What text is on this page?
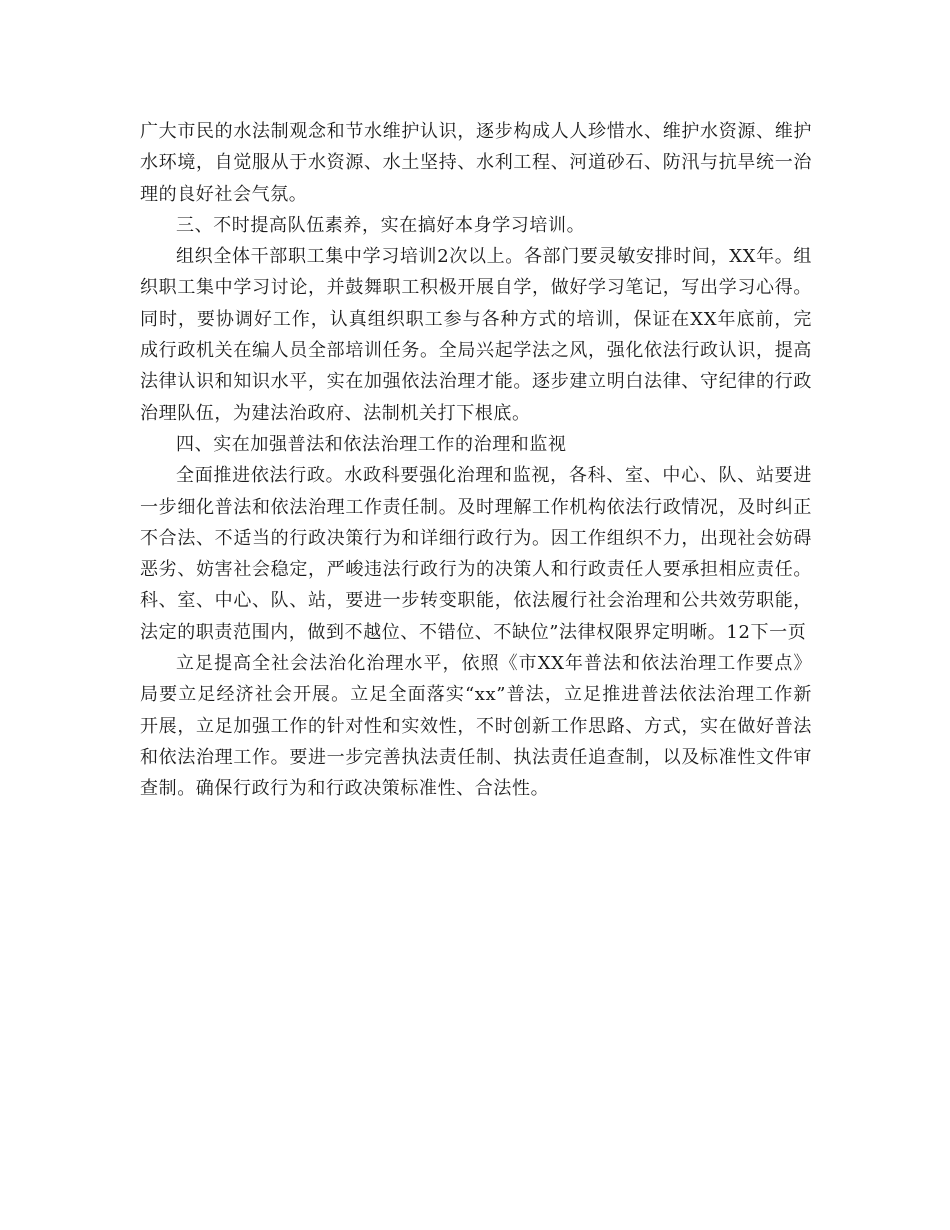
广大市民的水法制观念和节水维护认识，逐步构成人人珍惜水、维护水资源、维护水环境，自觉服从于水资源、水土坚持、水利工程、河道砂石、防汛与抗旱统一治理的良好社会气氛。

三、不时提高队伍素养，实在搞好本身学习培训。

组织全体干部职工集中学习培训2次以上。各部门要灵敏安排时间，XX年。组织职工集中学习讨论，并鼓舞职工积极开展自学，做好学习笔记，写出学习心得。同时，要协调好工作，认真组织职工参与各种方式的培训，保证在XX年底前，完成行政机关在编人员全部培训任务。全局兴起学法之风，强化依法行政认识，提高法律认识和知识水平，实在加强依法治理才能。逐步建立明白法律、守纪律的行政治理队伍，为建法治政府、法制机关打下根底。

四、实在加强普法和依法治理工作的治理和监视

全面推进依法行政。水政科要强化治理和监视，各科、室、中心、队、站要进一步细化普法和依法治理工作责任制。及时理解工作机构依法行政情况，及时纠正不合法、不适当的行政决策行为和详细行政行为。因工作组织不力，出现社会妨碍恶劣、妨害社会稳定，严峻违法行政行为的决策人和行政责任人要承担相应责任。科、室、中心、队、站，要进一步转变职能，依法履行社会治理和公共效劳职能，法定的职责范围内，做到不越位、不错位、不缺位”法律权限界定明晰。12下一页

立足提高全社会法治化治理水平，依照《市XX年普法和依法治理工作要点》局要立足经济社会开展。立足全面落实“xx”普法，立足推进普法依法治理工作新开展，立足加强工作的针对性和实效性，不时创新工作思路、方式，实在做好普法和依法治理工作。要进一步完善执法责任制、执法责任追查制，以及标准性文件审查制。确保行政行为和行政决策标准性、合法性。
